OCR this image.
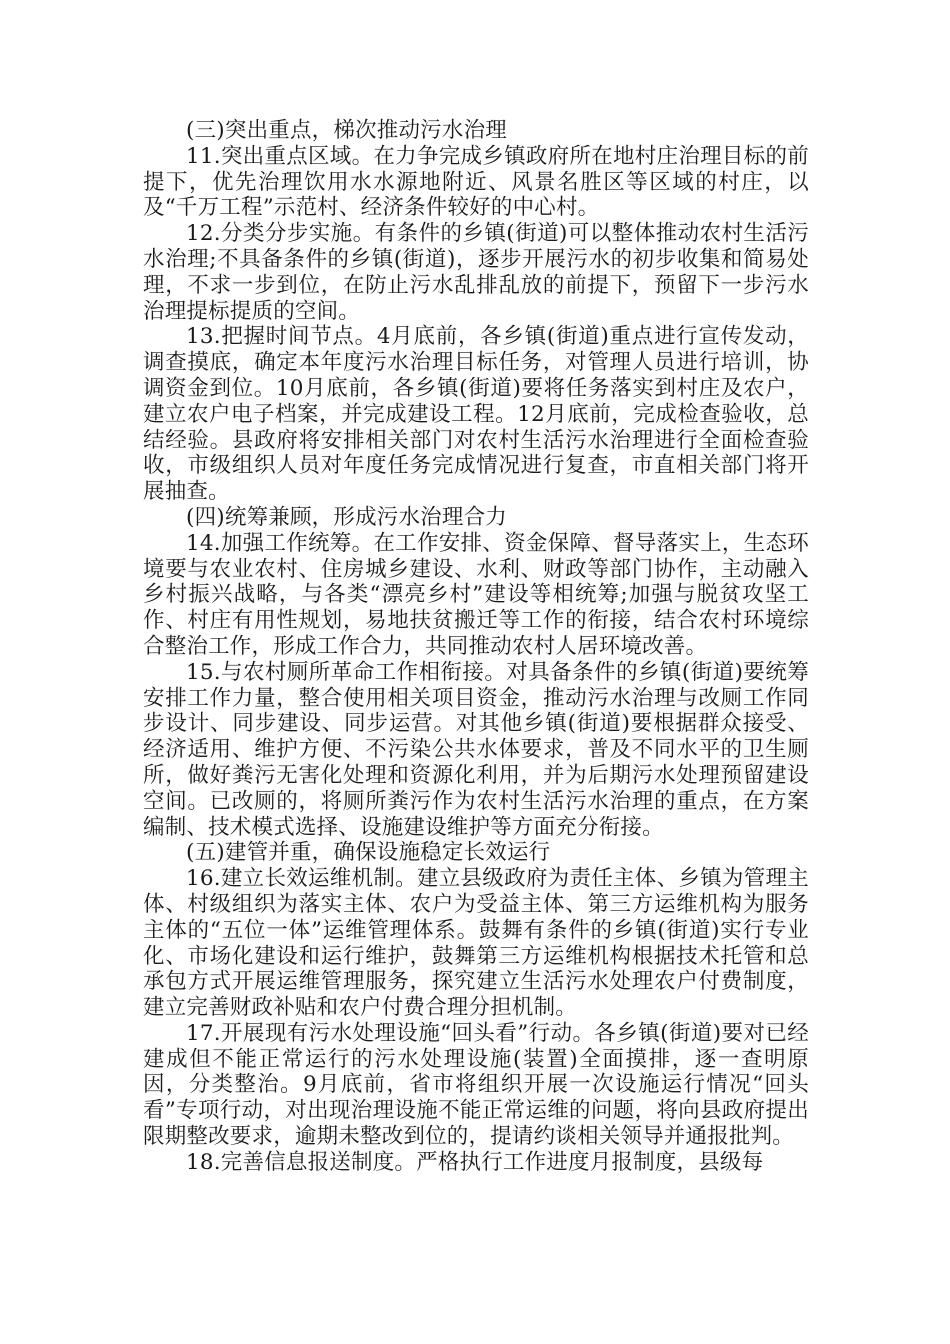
(三)突出重点，梯次推动污水治理

11.突出重点区域。在力争完成乡镇政府所在地村庄治理目标的前提下，优先治理饮用水水源地附近、风景名胜区等区域的村庄，以及“千万工程”示范村、经济条件较好的中心村。

12.分类分步实施。有条件的乡镇(街道)可以整体推动农村生活污水治理;不具备条件的乡镇(街道)，逐步开展污水的初步收集和简易处理，不求一步到位，在防止污水乱排乱放的前提下，预留下一步污水治理提标提质的空间。

13.把握时间节点。4月底前，各乡镇(街道)重点进行宣传发动，调查摸底，确定本年度污水治理目标任务，对管理人员进行培训，协调资金到位。10月底前，各乡镇(街道)要将任务落实到村庄及农户，建立农户电子档案，并完成建设工程。12月底前，完成检查验收，总结经验。县政府将安排相关部门对农村生活污水治理进行全面检查验收，市级组织人员对年度任务完成情况进行复查，市直相关部门将开展抽查。

(四)统筹兼顾，形成污水治理合力

14.加强工作统筹。在工作安排、资金保障、督导落实上，生态环境要与农业农村、住房城乡建设、水利、财政等部门协作，主动融入乡村振兴战略，与各类“漂亮乡村”建设等相统筹;加强与脱贫攻坚工作、村庄有用性规划，易地扶贫搬迁等工作的衔接，结合农村环境综合整治工作，形成工作合力，共同推动农村人居环境改善。

15.与农村厕所革命工作相衔接。对具备条件的乡镇(街道)要统筹安排工作力量，整合使用相关项目资金，推动污水治理与改厕工作同步设计、同步建设、同步运营。对其他乡镇(街道)要根据群众接受、经济适用、维护方便、不污染公共水体要求，普及不同水平的卫生厕所，做好粪污无害化处理和资源化利用，并为后期污水处理预留建设空间。已改厕的，将厕所粪污作为农村生活污水治理的重点，在方案编制、技术模式选择、设施建设维护等方面充分衔接。

(五)建管并重，确保设施稳定长效运行

16.建立长效运维机制。建立县级政府为责任主体、乡镇为管理主体、村级组织为落实主体、农户为受益主体、第三方运维机构为服务主体的“五位一体”运维管理体系。鼓舞有条件的乡镇(街道)实行专业化、市场化建设和运行维护，鼓舞第三方运维机构根据技术托管和总承包方式开展运维管理服务，探究建立生活污水处理农户付费制度，建立完善财政补贴和农户付费合理分担机制。

17.开展现有污水处理设施“回头看”行动。各乡镇(街道)要对已经建成但不能正常运行的污水处理设施(装置)全面摸排，逐一查明原因，分类整治。9月底前，省市将组织开展一次设施运行情况“回头看”专项行动，对出现治理设施不能正常运维的问题，将向县政府提出限期整改要求，逾期未整改到位的，提请约谈相关领导并通报批判。

18.完善信息报送制度。严格执行工作进度月报制度，县级每
